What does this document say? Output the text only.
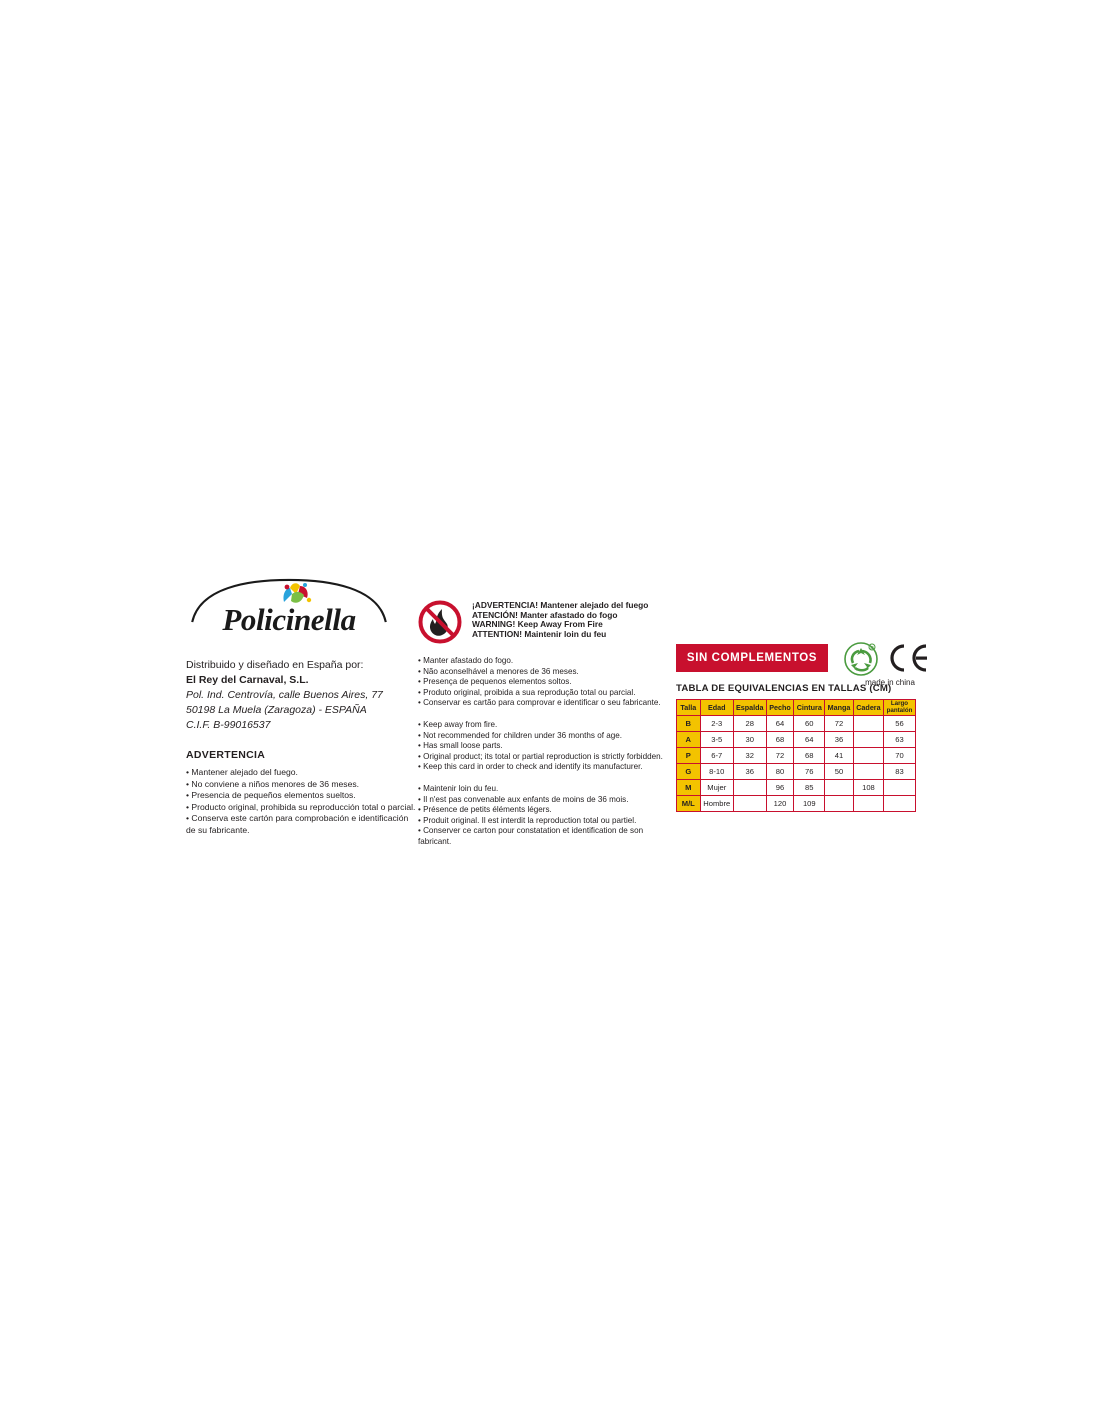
Policinella
Distribuido y diseñado en España por:
El Rey del Carnaval, S.L.
Pol. Ind. Centrovía, calle Buenos Aires, 77
50198 La Muela (Zaragoza) - ESPAÑA
C.I.F. B-99016537
ADVERTENCIA
• Mantener alejado del fuego.
• No conviene a niños menores de 36 meses.
• Presencia de pequeños elementos sueltos.
• Producto original, prohibida su reproducción total o parcial.
• Conserva este cartón para comprobación e identificación
de su fabricante.
¡ADVERTENCIA! Mantener alejado del fuego
ATENCIÓN! Manter afastado do fogo
WARNING! Keep Away From Fire
ATTENTION! Maintenir loin du feu
• Manter afastado do fogo.
• Não aconselhável a menores de 36 meses.
• Presença de pequenos elementos soltos.
• Produto original, proibida a sua reprodução total ou parcial.
• Conservar es cartão para comprovar e identificar o seu fabricante.
• Keep away from fire.
• Not recommended for children under 36 months of age.
• Has small loose parts.
• Original product; its total or partial reproduction is strictly forbidden.
• Keep this card in order to check and identify its manufacturer.
• Maintenir loin du feu.
• Il n'est pas convenable aux enfants de moins de 36 mois.
• Présence de petits éléments légers.
• Produit original. Il est interdit la reproduction total ou partiel.
• Conserver ce carton pour constatation et identification de son
fabricant.
SIN COMPLEMENTOS
R
made in china
TABLA DE EQUIVALENCIAS EN TALLAS (CM)
Talla	Edad	Espalda	Pecho	Cintura	Manga	Cadera	Largo pantalón
B	2-3	28	64	60	72		56
A	3-5	30	68	64	36		63
P	6-7	32	72	68	41		70
G	8-10	36	80	76	50		83
M	Mujer		96	85		108	
M/L	Hombre		120	109			
